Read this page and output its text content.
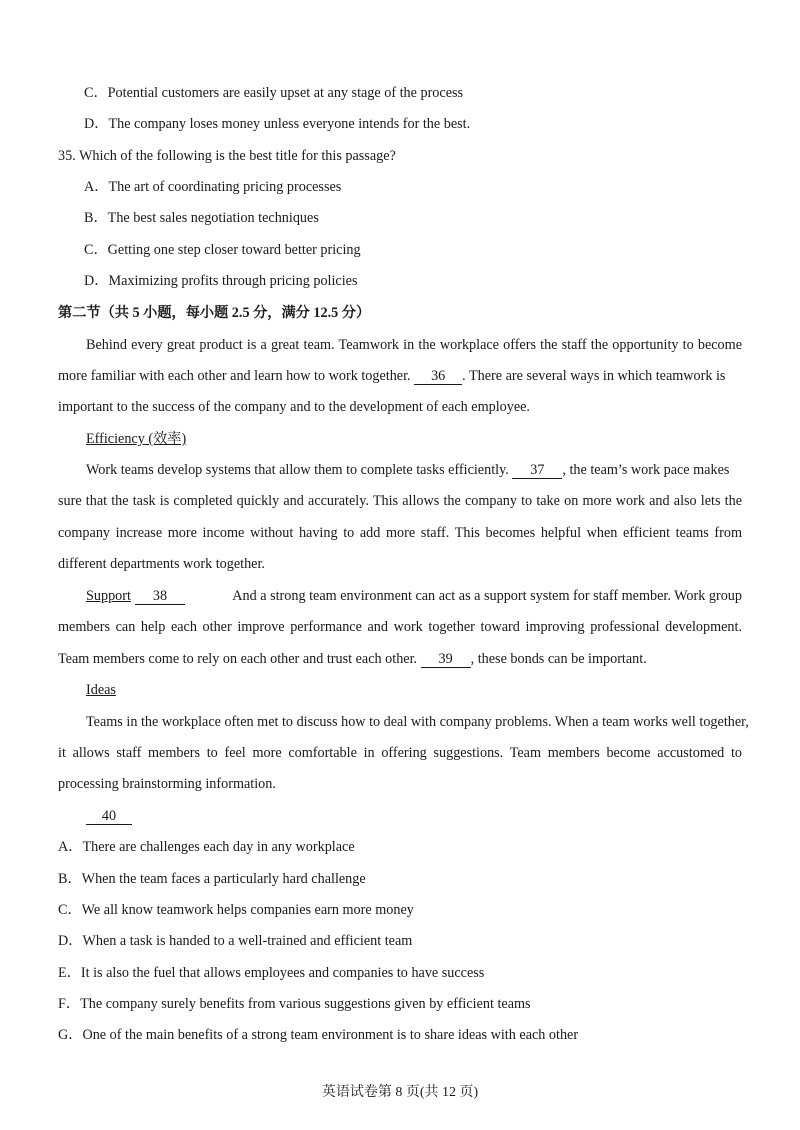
C．Potential customers are easily upset at any stage of the process
D．The company loses money unless everyone intends for the best.
35. Which of the following is the best title for this passage?
A．The art of coordinating pricing processes
B．The best sales negotiation techniques
C．Getting one step closer toward better pricing
D．Maximizing profits through pricing policies
第二节（共 5 小题，每小题 2.5 分，满分 12.5 分）
Behind every great product is a great team. Teamwork in the workplace offers the staff the opportunity to become
more familiar with each other and learn how to work together. 36 . There are several ways in which teamwork is
important to the success of the company and to the development of each employee.
Efficiency (效率)
Work teams develop systems that allow them to complete tasks efficiently. 37 , the team’s work pace makes
sure that the task is completed quickly and accurately. This allows the company to take on more work and also lets the
company increase more income without having to add more staff. This becomes helpful when efficient teams from
different departments work together.
Support 38	And a strong team environment can act as a support system for staff member. Work group
members can help each other improve performance and work together toward improving professional development.
Team members come to rely on each other and trust each other. 39 , these bonds can be important.
Ideas
Teams in the workplace often met to discuss how to deal with company problems. When a team works well together,
it allows staff members to feel more comfortable in offering suggestions. Team members become accustomed to
processing brainstorming information.
40
A．There are challenges each day in any workplace
B．When the team faces a particularly hard challenge
C．We all know teamwork helps companies earn more money
D．When a task is handed to a well-trained and efficient team
E．It is also the fuel that allows employees and companies to have success
F．The company surely benefits from various suggestions given by efficient teams
G．One of the main benefits of a strong team environment is to share ideas with each other
英语试卷第 8 页(共 12 页)
